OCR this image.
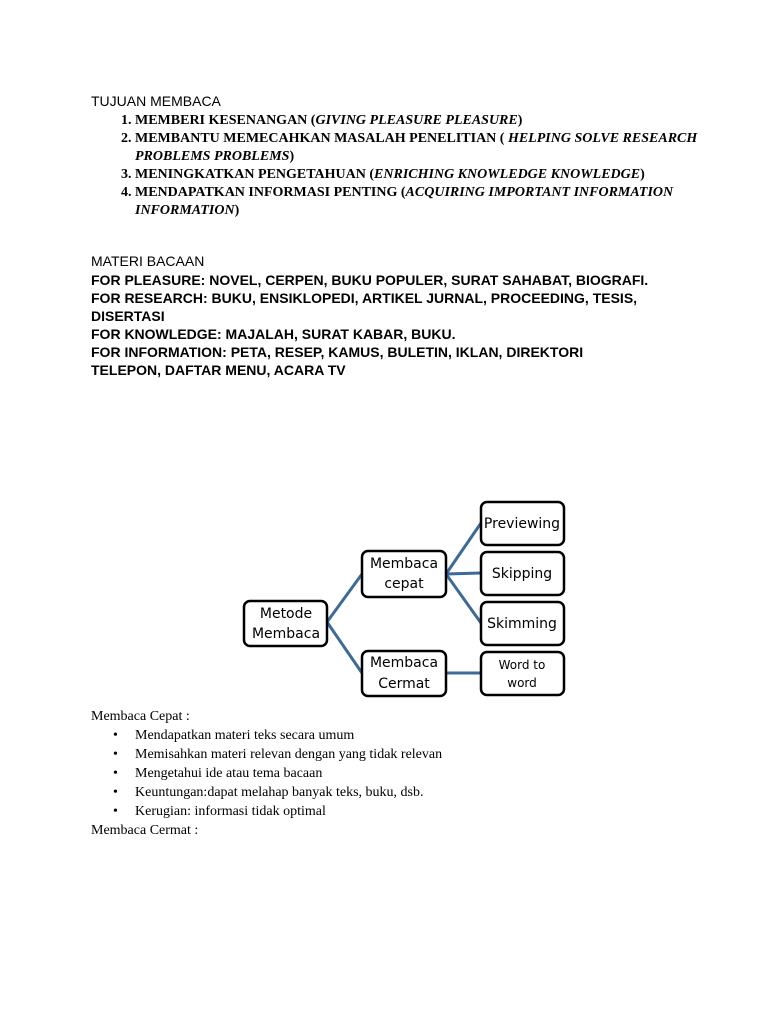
TUJUAN MEMBACA
1. MEMBERI KESENANGAN (GIVING PLEASURE PLEASURE)
2. MEMBANTU MEMECAHKAN MASALAH PENELITIAN ( HELPING SOLVE RESEARCH PROBLEMS PROBLEMS)
3. MENINGKATKAN PENGETAHUAN (ENRICHING KNOWLEDGE KNOWLEDGE)
4. MENDAPATKAN INFORMASI PENTING (ACQUIRING IMPORTANT INFORMATION INFORMATION)
MATERI BACAAN
FOR PLEASURE: NOVEL, CERPEN, BUKU POPULER, SURAT SAHABAT, BIOGRAFI.
FOR RESEARCH: BUKU, ENSIKLOPEDI, ARTIKEL JURNAL, PROCEEDING, TESIS, DISERTASI
FOR KNOWLEDGE: MAJALAH, SURAT KABAR, BUKU.
FOR INFORMATION: PETA, RESEP, KAMUS, BULETIN, IKLAN, DIREKTORI TELEPON, DAFTAR MENU, ACARA TV
Metode
Membaca
Membaca
cepat
Membaca
Cermat
Previewing
Skipping
Skimming
Word to
word
Membaca Cepat :
• Mendapatkan materi teks secara umum
• Memisahkan materi relevan dengan yang tidak relevan
• Mengetahui ide atau tema bacaan
• Keuntungan:dapat melahap banyak teks, buku, dsb.
• Kerugian: informasi tidak optimal
Membaca Cermat :
